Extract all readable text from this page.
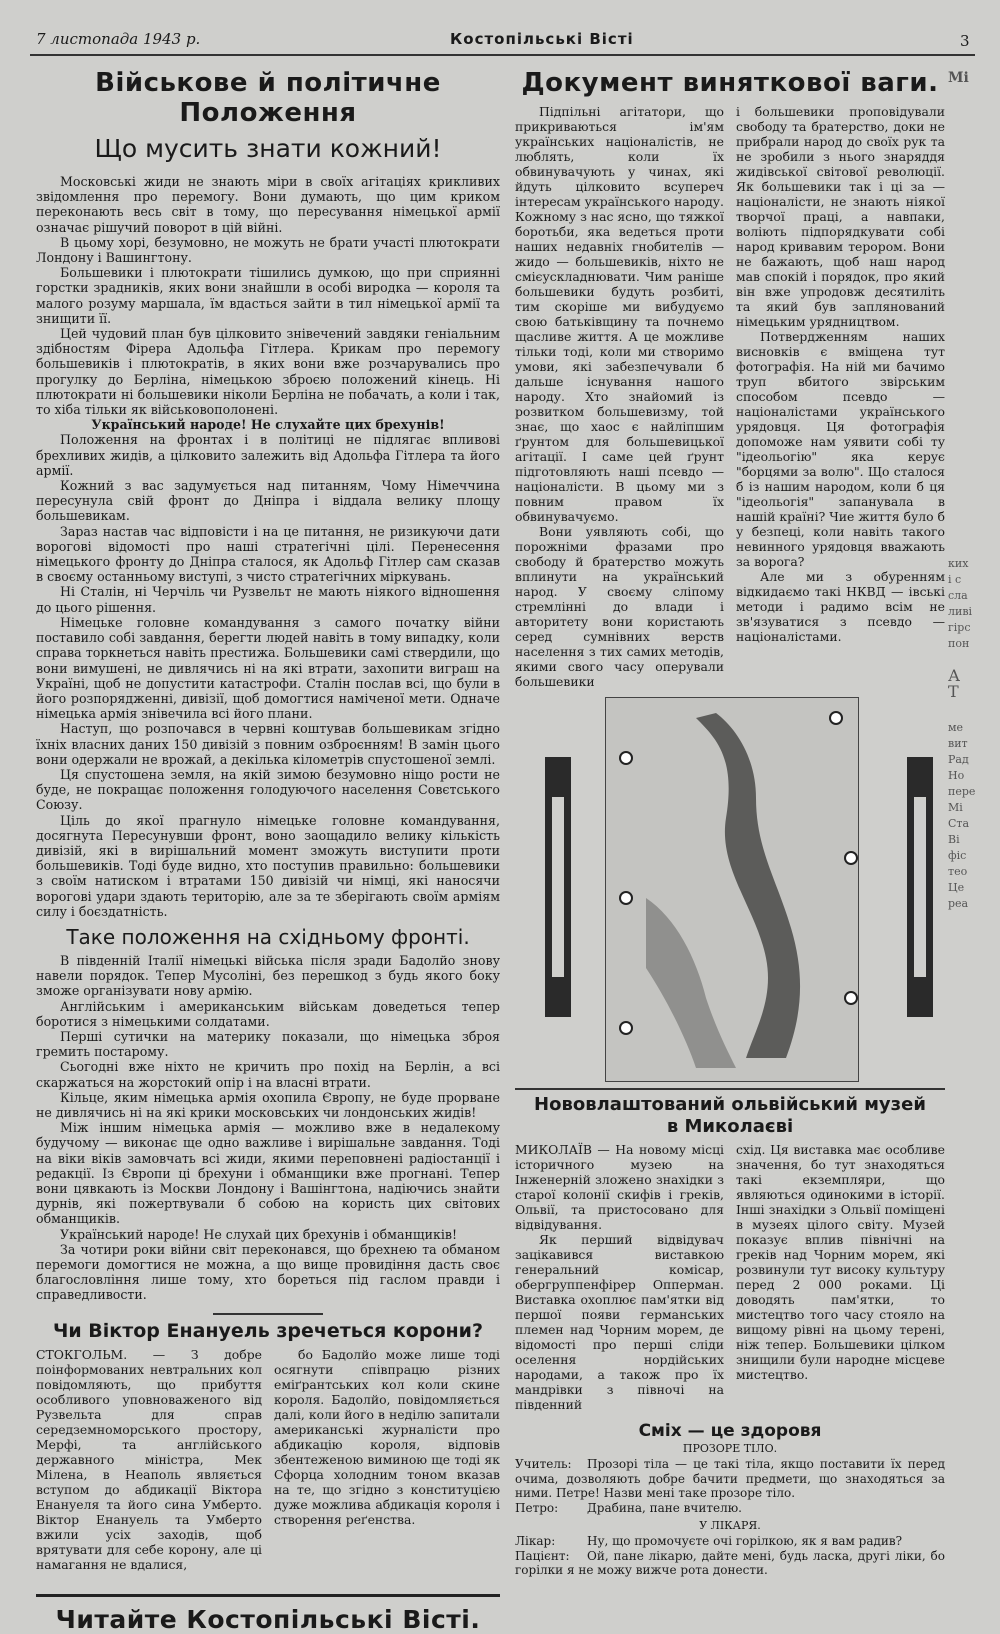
7 листопада 1943 р.	Костопільські Вісті	3
Військове й політичне Положення
Що мусить знати кожний!

Московські жиди не знають міри в своїх агітаціях крикливих звідомлення про перемогу. Вони думають, що цим криком переконають весь світ в тому, що пересування німецької армії означає рішучий поворот в цій війні.

В цьому хорі, безумовно, не можуть не брати участі плютократи Лондону і Вашингтону.

Большевики і плютократи тішились думкою, що при сприянні горстки зрадників, яких вони знайшли в особі виродка — короля та малого розуму маршала, їм вдасться зайти в тил німецької армії та знищити її.

Цей чудовий план був цілковито знівечений завдяки геніальним здібностям Фірера Адольфа Гітлера. Крикам про перемогу большевиків і плютократів, в яких вони вже розчарувались про прогулку до Берліна, німецькою зброєю положений кінець. Ні плютократи ні большевики ніколи Берліна не побачать, а коли і так, то хіба тільки як військовополонені.

Український народе! Не слухайте цих брехунів!

Положення на фронтах і в політиці не підлягає впливові брехливих жидів, а цілковито залежить від Адольфа Гітлера та його армії.

Кожний з вас задумується над питанням, Чому Німеччина пересунула свій фронт до Дніпра і віддала велику площу большевикам.

Зараз настав час відповісти і на це питання, не ризикуючи дати ворогові відомості про наші стратегічні цілі. Перенесення німецького фронту до Дніпра сталося, як Адольф Гітлер сам сказав в своєму останньому виступі, з чисто стратегічних міркувань.

Ні Сталін, ні Черчіль чи Рузвельт не мають ніякого відношення до цього рішення.

Німецьке головне командування з самого початку війни поставило собі завдання, берегти людей навіть в тому випадку, коли справа торкнеться навіть престижа. Большевики самі ствердили, що вони вимушені, не дивлячись ні на які втрати, захопити виграш на Україні, щоб не допустити катастрофи. Сталін послав всі, що були в його розпорядженні, дивізії, щоб домогтися наміченої мети. Одначе німецька армія знівечила всі його плани.

Наступ, що розпочався в червні коштував большевикам згідно їхніх власних даних 150 дивізій з повним озброєнням! В замін цього вони одержали не врожай, а декілька кілометрів спустошеної землі.

Ця спустошена земля, на якій зимою безумовно ніщо рости не буде, не покращає положення голодуючого населення Совєтського Союзу.

Ціль до якої прагнуло німецьке головне командування, досягнута Пересунувши фронт, воно заощадило велику кількість дивізій, які в вирішальний момент зможуть виступити проти большевиків. Тоді буде видно, хто поступив правильно: большевики з своїм натиском і втратами 150 дивізій чи німці, які наносячи ворогові удари здають територію, але за те зберігають своїм арміям силу і боєздатність.

Таке положення на східньому фронті.

В південній Італії німецькі війська після зради Бадолйо знову навели порядок. Тепер Мусоліні, без перешкод з будь якого боку зможе організувати нову армію.

Англійським і американським військам доведеться тепер боротися з німецькими солдатами.

Перші сутички на материку показали, що німецька зброя гремить постарому.

Сьогодні вже ніхто не кричить про похід на Берлін, а всі скаржаться на жорстокий опір і на власні втрати.

Кільце, яким німецька армія охопила Європу, не буде прорване не дивлячись ні на які крики московських чи лондонських жидів!

Між іншим німецька армія — можливо вже в недалекому будучому — виконає ще одно важливе і вирішальне завдання. Тоді на віки віків замовчать всі жиди, якими переповнені радіостанції і редакції. Із Європи ці брехуни і обманщики вже прогнані. Тепер вони цявкають із Москви Лондону і Вашінгтона, надіючись знайти дурнів, які пожертвували б собою на користь цих світових обманщиків.

Український народе! Не слухай цих брехунів і обманщиків!

За чотири роки війни світ переконався, що брехнею та обманом перемоги домогтися не можна, а що вище провидіння дасть своє благословління лише тому, хто бореться під гаслом правди і справедливости.

Чи Віктор Енануель зречеться корони?

СТОКГОЛЬМ. — З добре поінформованих невтральних кол повідомляють, що прибуття особливого уповноваженого від Рузвельта для справ середземноморського простору, Мерфі, та англійського державного міністра, Мек Мілена, в Неаполь являється вступом до абдикації Віктора Енануеля та його сина Умберто. Віктор Енануель та Умберто вжили усіх заходів, щоб врятувати для себе корону, але ці намагання не вдалися,

бо Бадолйо може лише тоді осягнути співпрацю різних еміґрантських кол коли скине короля. Бадолйо, повідомляється далі, коли його в неділю запитали американські журналісти про абдикацію короля, відповів збентеженою виминою ще тоді як Сфорца холодним тоном вказав на те, що згідно з конституцією дуже можлива абдикація короля і створення реґенства.

Читайте Костопільські Вісті.
Документ виняткової ваги.

Підпільні агітатори, що прикриваються ім'ям українських націоналістів, не люблять, коли їх обвинувачують у чинах, які йдуть цілковито всупереч інтересам українського народу. Кожному з нас ясно, що тяжкої боротьби, яка ведеться проти наших недавніх гнобителів — жидо — большевиків, ніхто не смієускладнювати. Чим раніше большевики будуть розбиті, тим скоріше ми вибудуємо свою батьківщину та почнемо щасливе життя. А це можливе тільки тоді, коли ми створимо умови, які забезпечували б дальше існування нашого народу. Хто знайомий із розвитком большевизму, той знає, що хаос є найліпшим ґрунтом для большевицької агітації. І саме цей ґрунт підготовляють наші псевдо — націоналісти. В цьому ми з повним правом їх обвинувачуємо.

Вони уявляють собі, що порожніми фразами про свободу й братерство можуть вплинути на український народ. У своєму сліпому стремлінні до влади і авторитету вони користають серед сумнівних верств населення з тих самих методів, якими свого часу оперували большевики

і большевики проповідували свободу та братерство, доки не прибрали народ до своїх рук та не зробили з нього знаряддя жидівської світової революції. Як большевики так і ці за — націоналісти, не знають ніякої творчої праці, а навпаки, воліють підпорядкувати собі народ кривавим терором. Вони не бажають, щоб наш народ мав спокій і порядок, про який він вже упродовж десятиліть та який був заплянований німецьким урядництвом.

Потвердженням наших висновків є вміщена тут фотографія. На ній ми бачимо труп вбитого звірським способом псевдо — націоналістами українського урядовця. Ця фотографія допоможе нам уявити собі ту "ідеольогію" яка керує "борцями за волю". Що сталося б із нашим народом, коли б ця "ідеольогія" запанувала в нашій країні? Чие життя було б у безпеці, коли навіть такого невинного урядовця вважають за ворога?

Але ми з обуренням відкидаємо такі НКВД — івські методи і радимо всім не зв'язуватися з псевдо — націоналістами.

Нововлаштований ольвійський музей
в Миколаєві

МИКОЛАЇВ — На новому місці історичного музею на Інженерній зложено знахідки з старої колонії скифів і греків, Ольвії, та пристосовано для відвідування.

Як перший відвідувач зацікавився виставкою генеральний комісар, обергруппенфірер Опперман. Виставка охоплює пам'ятки від першої появи германських племен над Чорним морем, де відомості про перші сліди оселення нордійських народами, а також про їх мандрівки з півночі на південний

схід. Ця виставка має особливе значення, бо тут знаходяться такі екземпляри, що являються одинокими в історії. Інші знахідки з Ольвії поміщені в музеях цілого світу. Музей показує вплив північні на греків над Чорним морем, які розвинули тут високу культуру перед 2 000 роками. Ці доводять пам'ятки, то мистецтво того часу стояло на вищому рівні на цьому терені, ніж тепер. Большевики цілком знищили були народне місцеве мистецтво.

Сміх — це здоровя
ПРОЗОРЕ ТІЛО.

Учитель: Прозорі тіла — це такі тіла, якщо поставити їх перед очима, дозволяють добре бачити предмети, що знаходяться за ними. Петре! Назви мені таке прозоре тіло.

Петро: Драбина, пане вчителю.

У ЛІКАРЯ.

Лікар:	Ну, що промочуєте очі горілкою, як я вам радив?

Пацієнт: Ой, пане лікарю, дайте мені, будь ласка, другі ліки, бо горілки я не можу вижче рота донести.

Мі
ких
і с
сла
ливі
гірс
пон
А
Т
ме
вит
Рад
Но
пере
Мі
Ста
Ві
фіс
тео
Це
реа
